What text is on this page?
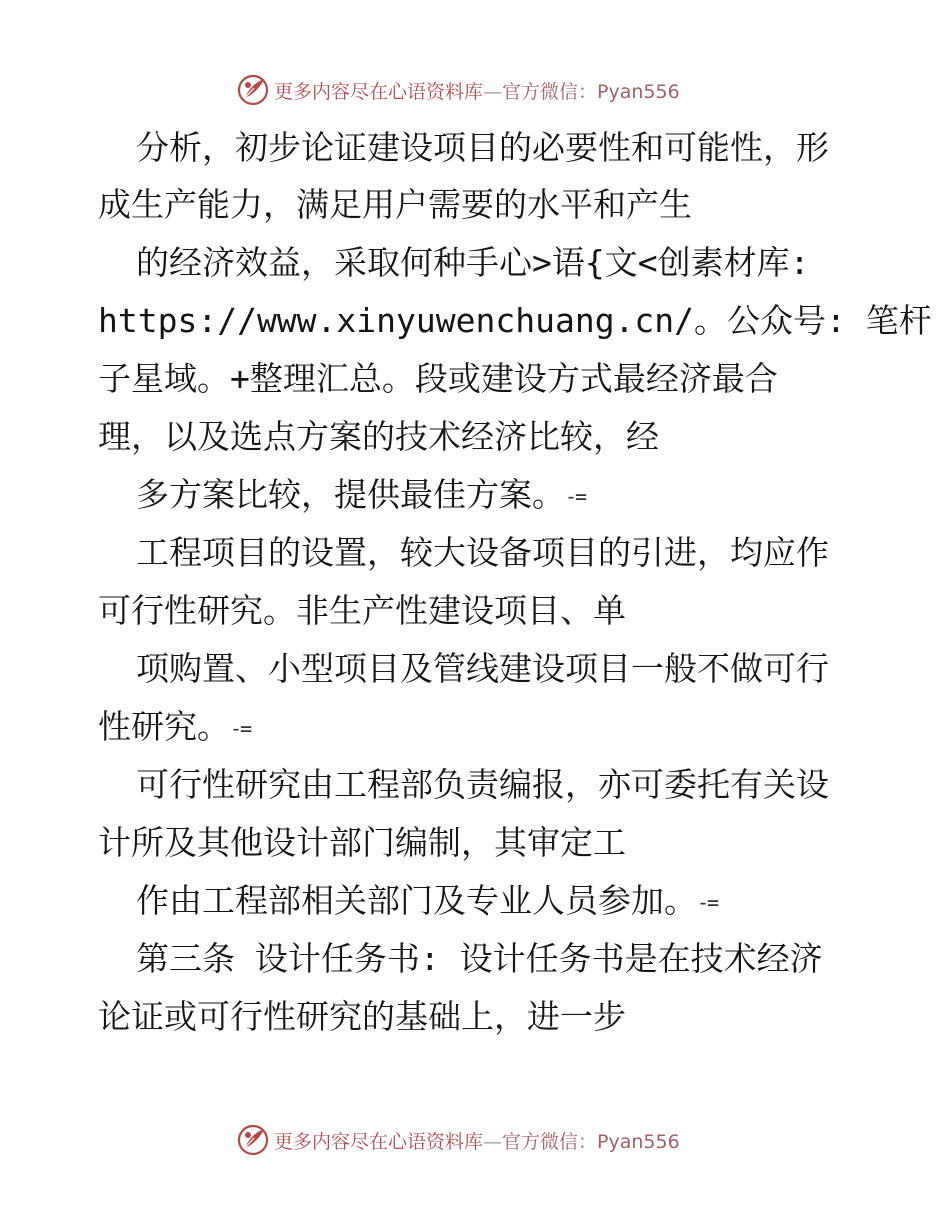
更多内容尽在心语资料库—官方微信：Pyan556
分析，初步论证建设项目的必要性和可能性，形
成生产能力，满足用户需要的水平和产生
的经济效益，采取何种手心>语{文<创素材库:
https://www.xinyuwenchuang.cn/。公众号: 笔杆
子星域。+整理汇总。段或建设方式最经济最合
理，以及选点方案的技术经济比较，经
多方案比较，提供最佳方案。-=
工程项目的设置，较大设备项目的引进，均应作
可行性研究。非生产性建设项目、单
项购置、小型项目及管线建设项目一般不做可行
性研究。-=
可行性研究由工程部负责编报，亦可委托有关设
计所及其他设计部门编制，其审定工
作由工程部相关部门及专业人员参加。-=
第三条 设计任务书: 设计任务书是在技术经济
论证或可行性研究的基础上，进一步
更多内容尽在心语资料库—官方微信：Pyan556
